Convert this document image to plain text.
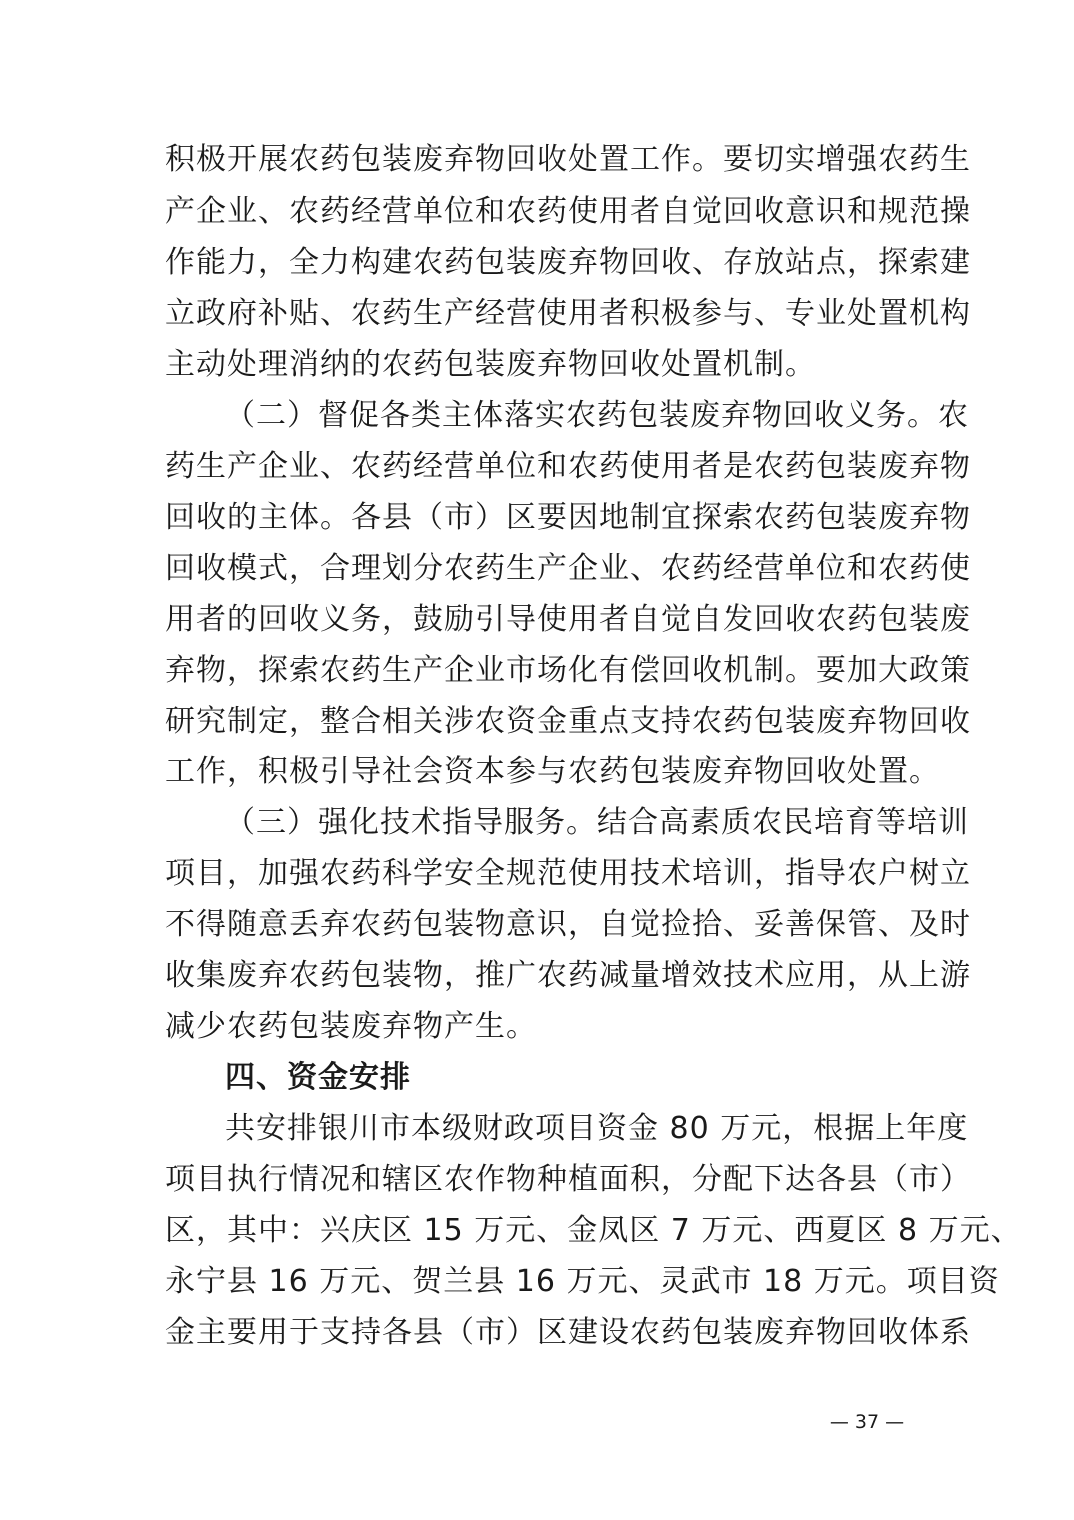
积极开展农药包装废弃物回收处置工作。要切实增强农药生
产企业、农药经营单位和农药使用者自觉回收意识和规范操
作能力，全力构建农药包装废弃物回收、存放站点，探索建
立政府补贴、农药生产经营使用者积极参与、专业处置机构
主动处理消纳的农药包装废弃物回收处置机制。
（二）督促各类主体落实农药包装废弃物回收义务。农
药生产企业、农药经营单位和农药使用者是农药包装废弃物
回收的主体。各县（市）区要因地制宜探索农药包装废弃物
回收模式，合理划分农药生产企业、农药经营单位和农药使
用者的回收义务，鼓励引导使用者自觉自发回收农药包装废
弃物，探索农药生产企业市场化有偿回收机制。要加大政策
研究制定，整合相关涉农资金重点支持农药包装废弃物回收
工作，积极引导社会资本参与农药包装废弃物回收处置。
（三）强化技术指导服务。结合高素质农民培育等培训
项目，加强农药科学安全规范使用技术培训，指导农户树立
不得随意丢弃农药包装物意识，自觉捡拾、妥善保管、及时
收集废弃农药包装物，推广农药减量增效技术应用，从上游
减少农药包装废弃物产生。
四、资金安排
共安排银川市本级财政项目资金 80 万元，根据上年度
项目执行情况和辖区农作物种植面积，分配下达各县（市）
区，其中：兴庆区 15 万元、金凤区 7 万元、西夏区 8 万元、
永宁县 16 万元、贺兰县 16 万元、灵武市 18 万元。项目资
金主要用于支持各县（市）区建设农药包装废弃物回收体系
— 37 —
